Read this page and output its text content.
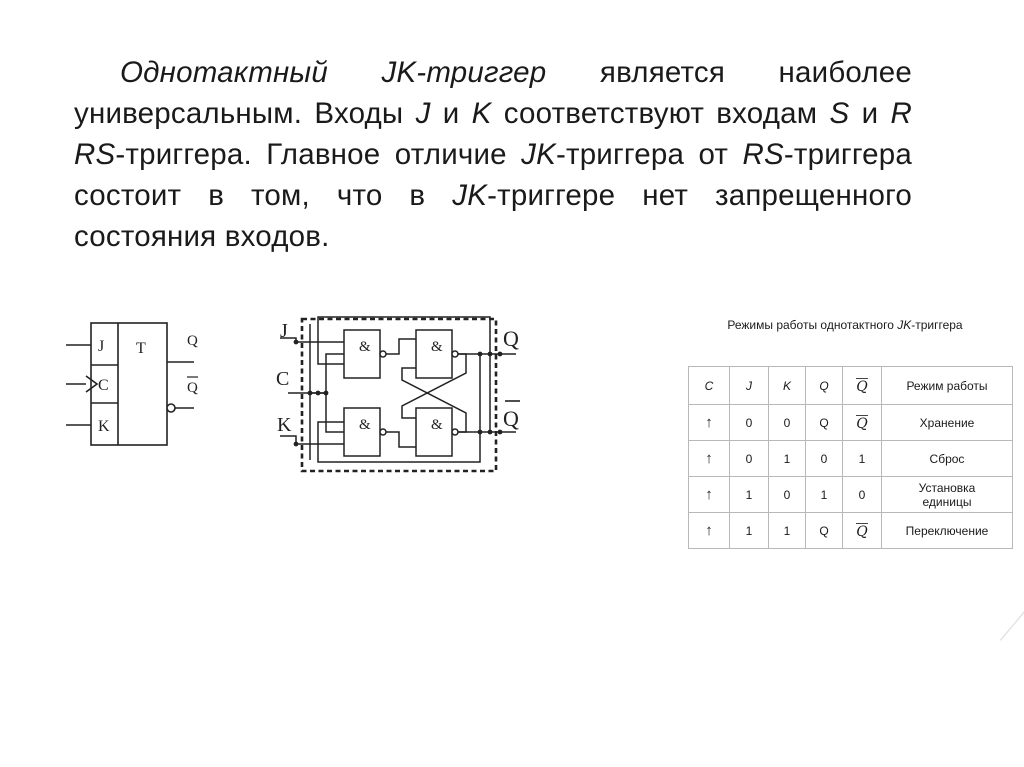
Однотактный JK-триггер является наиболее универсальным. Входы J и K соответствуют входам S и R RS-триггера. Главное отличие JK-триггера от RS-триггера состоит в том, что в JK-триггере нет запрещенного состояния входов.

J
C
K
T	Q
Q
J
C
K
Q
Q
&	&
&	&
Режимы работы однотактного JK-триггера
C	J	K	Q	Q	Режим работы
↑	0	0	Q	Q	Хранение
↑	0	1	0	1	Сброс
↑	1	0	1	0	Установка единицы
↑	1	1	Q	Q	Переключение
